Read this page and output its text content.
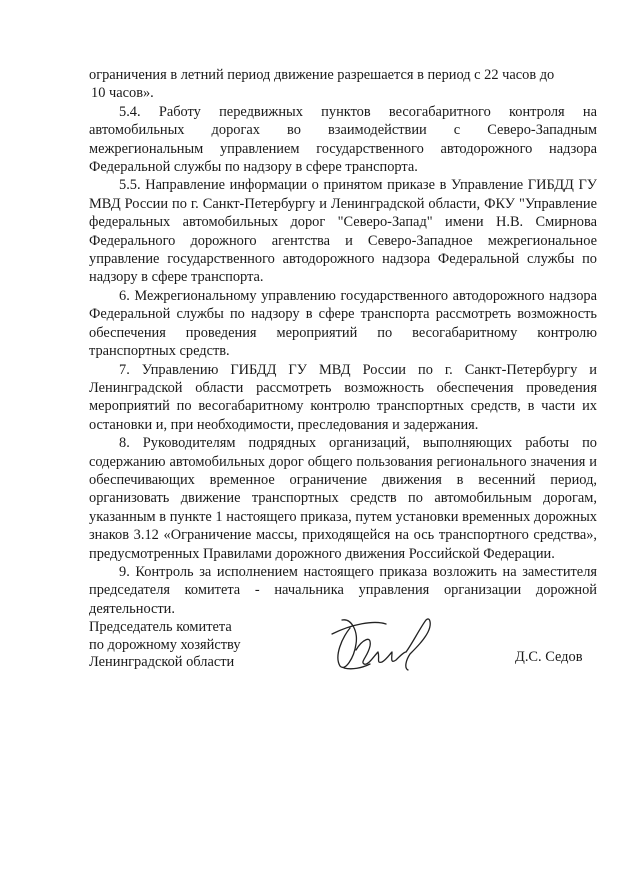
ограничения в летний период движение разрешается в период с 22 часов до
10 часов».

5.4. Работу передвижных пунктов весогабаритного контроля на автомобильных дорогах во взаимодействии с Северо-Западным межрегиональным управлением государственного автодорожного надзора Федеральной службы по надзору в сфере транспорта.

5.5. Направление информации о принятом приказе в Управление ГИБДД ГУ МВД России по г. Санкт-Петербургу и Ленинградской области, ФКУ "Управление федеральных автомобильных дорог "Северо-Запад" имени Н.В. Смирнова Федерального дорожного агентства и Северо-Западное межрегиональное управление государственного автодорожного надзора Федеральной службы по надзору в сфере транспорта.

6. Межрегиональному управлению государственного автодорожного надзора Федеральной службы по надзору в сфере транспорта рассмотреть возможность обеспечения проведения мероприятий по весогабаритному контролю транспортных средств.

7. Управлению ГИБДД ГУ МВД России по г. Санкт-Петербургу и Ленинградской области рассмотреть возможность обеспечения проведения мероприятий по весогабаритному контролю транспортных средств, в части их остановки и, при необходимости, преследования и задержания.

8. Руководителям подрядных организаций, выполняющих работы по содержанию автомобильных дорог общего пользования регионального значения и обеспечивающих временное ограничение движения в весенний период, организовать движение транспортных средств по автомобильным дорогам, указанным в пункте 1 настоящего приказа, путем установки временных дорожных знаков 3.12 «Ограничение массы, приходящейся на ось транспортного средства», предусмотренных Правилами дорожного движения Российской Федерации.

9. Контроль за исполнением настоящего приказа возложить на заместителя председателя комитета - начальника управления организации дорожной деятельности.

Председатель комитета
по дорожному хозяйству
Ленинградской области	Д.С. Седов
